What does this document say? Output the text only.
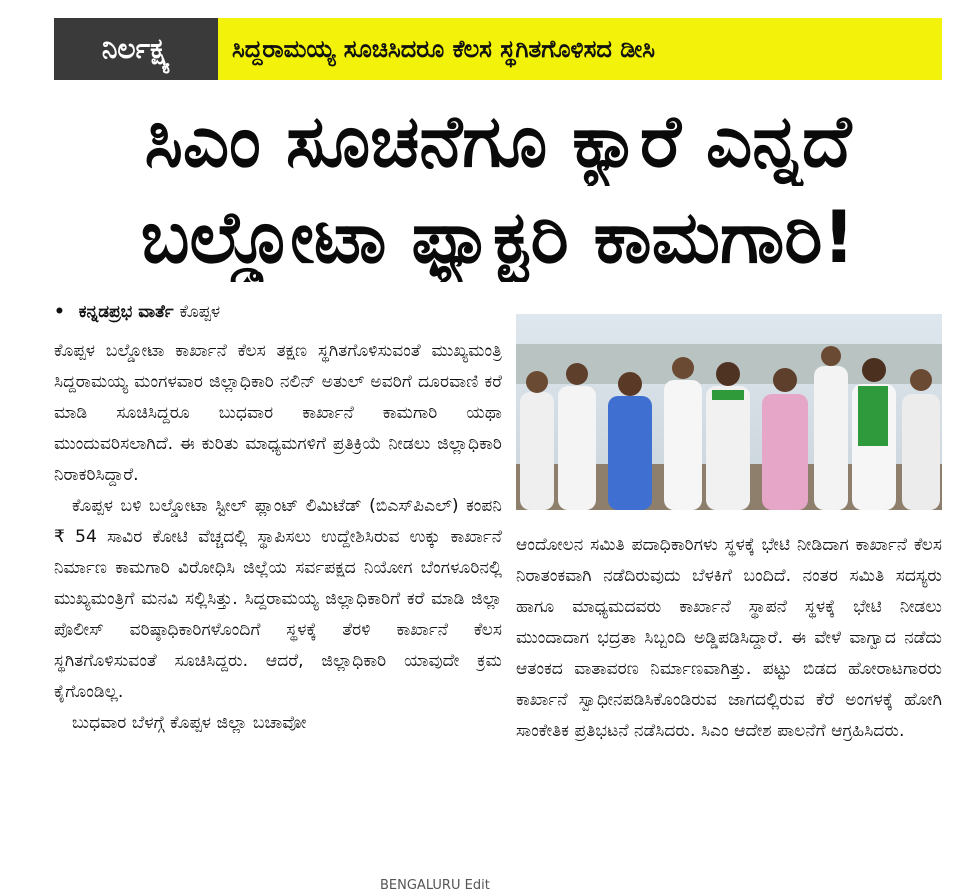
ನಿರ್ಲಕ್ಷ್ಯ	ಸಿದ್ದರಾಮಯ್ಯ ಸೂಚಿಸಿದರೂ ಕೆಲಸ ಸ್ಥಗಿತಗೊಳಿಸದ ಡೀಸಿ
ಸಿಎಂ ಸೂಚನೆಗೂ ಕ್ಯಾರೆ ಎನ್ನದೆ
ಬಲ್ಡೋಟಾ ಫ್ಯಾಕ್ಟರಿ ಕಾಮಗಾರಿ!
• ಕನ್ನಡಪ್ರಭ ವಾರ್ತೆ ಕೊಪ್ಪಳ

ಕೊಪ್ಪಳ ಬಲ್ಡೋಟಾ ಕಾರ್ಖಾನೆ ಕೆಲಸ ತಕ್ಷಣ ಸ್ಥಗಿತಗೊಳಿಸುವಂತೆ ಮುಖ್ಯಮಂತ್ರಿ ಸಿದ್ದರಾಮಯ್ಯ ಮಂಗಳವಾರ ಜಿಲ್ಲಾಧಿಕಾರಿ ನಲಿನ್ ಅತುಲ್ ಅವರಿಗೆ ದೂರವಾಣಿ ಕರೆ ಮಾಡಿ ಸೂಚಿಸಿದ್ದರೂ ಬುಧವಾರ ಕಾರ್ಖಾನೆ ಕಾಮಗಾರಿ ಯಥಾ ಮುಂದುವರಿಸಲಾಗಿದೆ. ಈ ಕುರಿತು ಮಾಧ್ಯಮಗಳಿಗೆ ಪ್ರತಿಕ್ರಿಯೆ ನೀಡಲು ಜಿಲ್ಲಾಧಿಕಾರಿ ನಿರಾಕರಿಸಿದ್ದಾರೆ.

ಕೊಪ್ಪಳ ಬಳಿ ಬಲ್ಡೋಟಾ ಸ್ಟೀಲ್ ಪ್ಲಾಂಟ್ ಲಿಮಿಟೆಡ್ (ಬಿಎಸ್‌ಪಿಎಲ್) ಕಂಪನಿ ₹ 54 ಸಾವಿರ ಕೋಟಿ ವೆಚ್ಚದಲ್ಲಿ ಸ್ಥಾಪಿಸಲು ಉದ್ದೇಶಿಸಿರುವ ಉಕ್ಕು ಕಾರ್ಖಾನೆ ನಿರ್ಮಾಣ ಕಾಮಗಾರಿ ವಿರೋಧಿಸಿ ಜಿಲ್ಲೆಯ ಸರ್ವಪಕ್ಷದ ನಿಯೋಗ ಬೆಂಗಳೂರಿನಲ್ಲಿ ಮುಖ್ಯಮಂತ್ರಿಗೆ ಮನವಿ ಸಲ್ಲಿಸಿತ್ತು. ಸಿದ್ದರಾಮಯ್ಯ ಜಿಲ್ಲಾಧಿಕಾರಿಗೆ ಕರೆ ಮಾಡಿ ಜಿಲ್ಲಾ ಪೊಲೀಸ್ ವರಿಷ್ಠಾಧಿಕಾರಿಗಳೊಂದಿಗೆ ಸ್ಥಳಕ್ಕೆ ತೆರಳಿ ಕಾರ್ಖಾನೆ ಕೆಲಸ ಸ್ಥಗಿತಗೊಳಿಸುವಂತೆ ಸೂಚಿಸಿದ್ದರು. ಆದರೆ, ಜಿಲ್ಲಾಧಿಕಾರಿ ಯಾವುದೇ ಕ್ರಮ ಕೈಗೊಂಡಿಲ್ಲ.

ಬುಧವಾರ ಬೆಳಗ್ಗೆ ಕೊಪ್ಪಳ ಜಿಲ್ಲಾ ಬಚಾವೋ

ಆಂದೋಲನ ಸಮಿತಿ ಪದಾಧಿಕಾರಿಗಳು ಸ್ಥಳಕ್ಕೆ ಭೇಟಿ ನೀಡಿದಾಗ ಕಾರ್ಖಾನೆ ಕೆಲಸ ನಿರಾತಂಕವಾಗಿ ನಡೆದಿರುವುದು ಬೆಳಕಿಗೆ ಬಂದಿದೆ. ನಂತರ ಸಮಿತಿ ಸದಸ್ಯರು ಹಾಗೂ ಮಾಧ್ಯಮದವರು ಕಾರ್ಖಾನೆ ಸ್ಥಾಪನೆ ಸ್ಥಳಕ್ಕೆ ಭೇಟಿ ನೀಡಲು ಮುಂದಾದಾಗ ಭದ್ರತಾ ಸಿಬ್ಬಂದಿ ಅಡ್ಡಿಪಡಿಸಿದ್ದಾರೆ. ಈ ವೇಳೆ ವಾಗ್ವಾದ ನಡೆದು ಆತಂಕದ ವಾತಾವರಣ ನಿರ್ಮಾಣವಾಗಿತ್ತು. ಪಟ್ಟು ಬಿಡದ ಹೋರಾಟಗಾರರು ಕಾರ್ಖಾನೆ ಸ್ವಾಧೀನಪಡಿಸಿಕೊಂಡಿರುವ ಜಾಗದಲ್ಲಿರುವ ಕೆರೆ ಅಂಗಳಕ್ಕೆ ಹೋಗಿ ಸಾಂಕೇತಿಕ ಪ್ರತಿಭಟನೆ ನಡೆಸಿದರು. ಸಿಎಂ ಆದೇಶ ಪಾಲನೆಗೆ ಆಗ್ರಹಿಸಿದರು.

BENGALURU Edit
